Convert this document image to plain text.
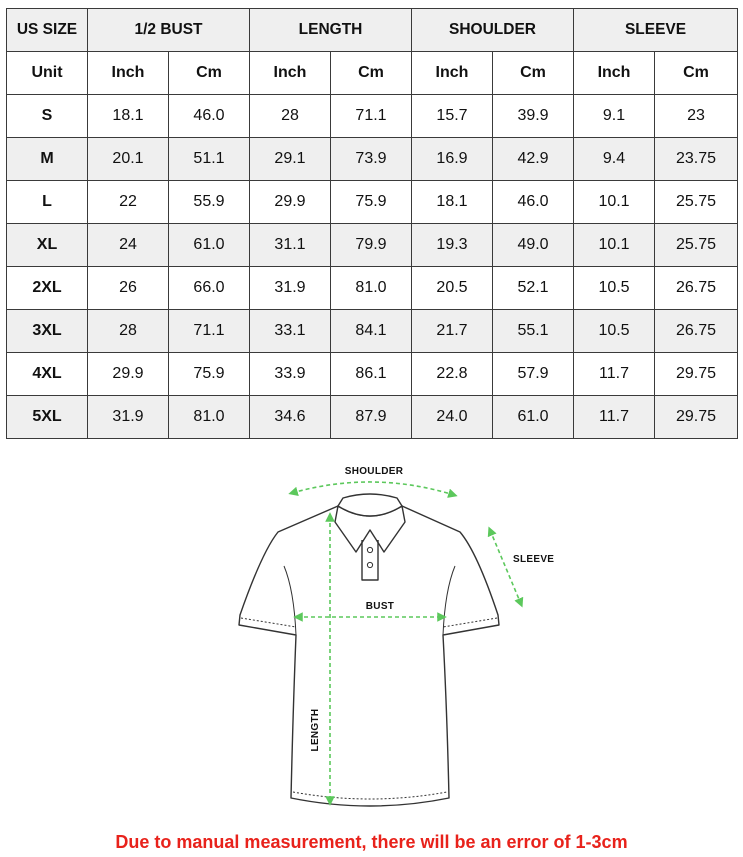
US SIZE	1/2 BUST		LENGTH		SHOULDER		SLEEVE	
Unit	Inch	Cm	Inch	Cm	Inch	Cm	Inch	Cm
S	18.1	46.0	28	71.1	15.7	39.9	9.1	23
M	20.1	51.1	29.1	73.9	16.9	42.9	9.4	23.75
L	22	55.9	29.9	75.9	18.1	46.0	10.1	25.75
XL	24	61.0	31.1	79.9	19.3	49.0	10.1	25.75
2XL	26	66.0	31.9	81.0	20.5	52.1	10.5	26.75
3XL	28	71.1	33.1	84.1	21.7	55.1	10.5	26.75
4XL	29.9	75.9	33.9	86.1	22.8	57.9	11.7	29.75
5XL	31.9	81.0	34.6	87.9	24.0	61.0	11.7	29.75
SHOULDER
SLEEVE
BUST
LENGTH
Due to manual measurement, there will be an error of 1-3cm
